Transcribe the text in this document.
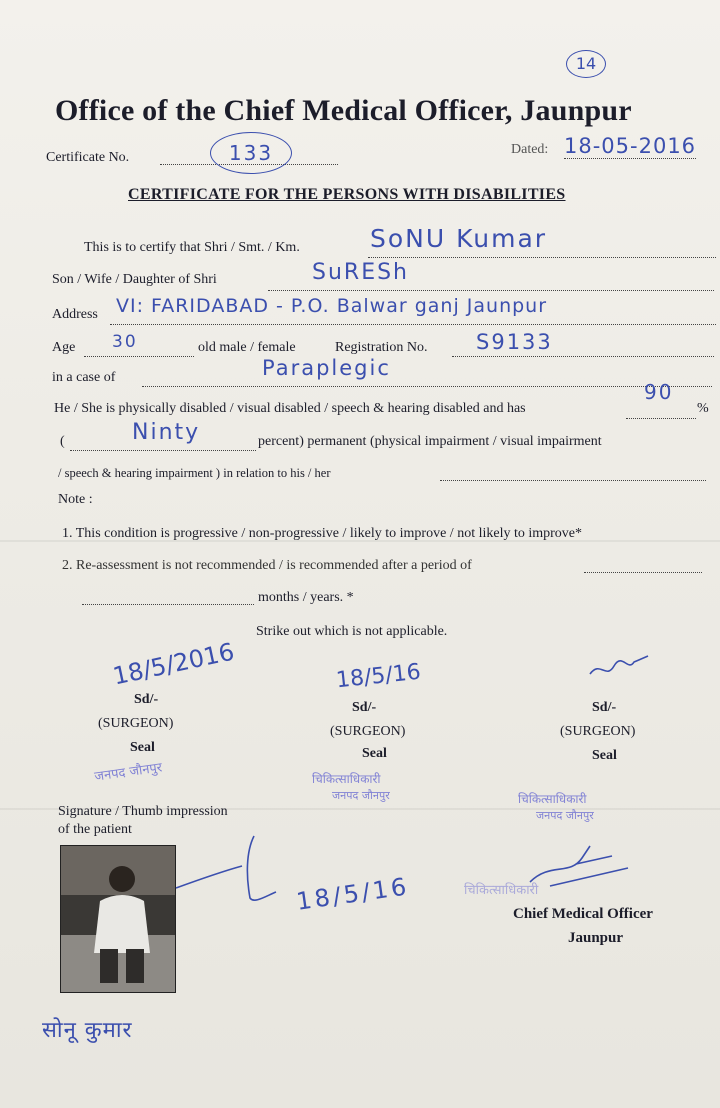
14
Office of the Chief Medical Officer, Jaunpur
Certificate No.	133	Dated: 18-05-2016
CERTIFICATE FOR THE PERSONS WITH DISABILITIES
This is to certify that Shri / Smt. / Km.	SoNU Kumar
Son / Wife / Daughter of Shri	SuRESh
Address VI: FARIDABAD - P.O. Balwar ganj Jaunpur
Age 30	old male / female	Registration No. S9133
in a case of	Paraplegic
He / She is physically disabled / visual disabled / speech & hearing disabled and has
90
%
(	Ninty	percent) permanent (physical impairment / visual impairment
/ speech & hearing impairment ) in relation to his / her
Note :
1. This condition is progressive / non-progressive / likely to improve / not likely to improve*
2. Re-assessment is not recommended / is recommended after a period of
months / years. *
Strike out which is not applicable.
18/5/2016
Sd/-
(SURGEON)
Seal
जनपद जौनपुर
18/5/16
Sd/-
(SURGEON)
Seal
चिकित्साधिकारी
जनपद जौनपुर
Sd/-
(SURGEON)
Seal
चिकित्साधिकारी
जनपद जौनपुर
Signature / Thumb impression
of the patient
18/5/16
सोनू कुमार
चिकित्साधिकारी
Chief Medical Officer
Jaunpur
